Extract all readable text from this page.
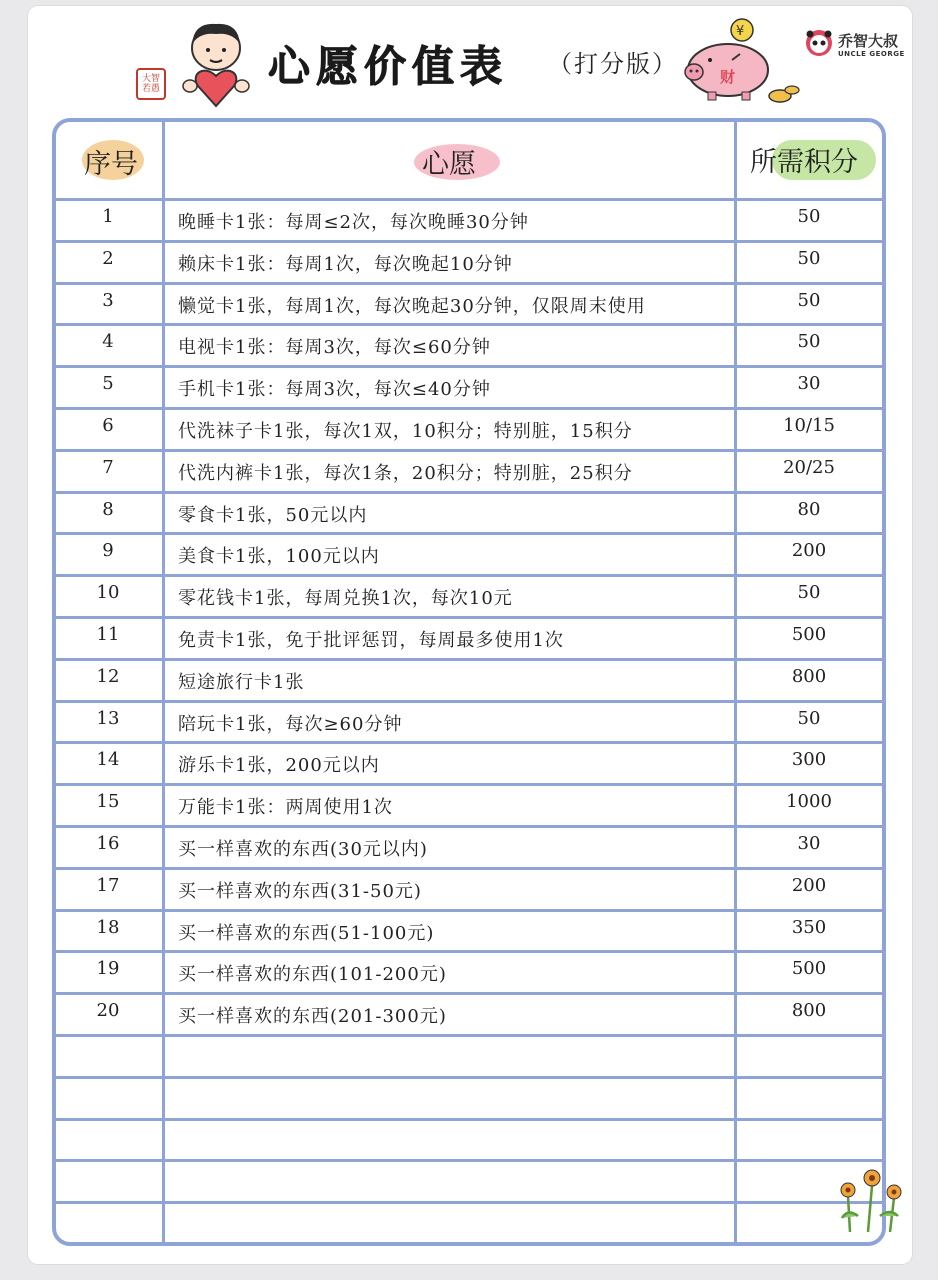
大智
若愚	心愿价值表 （打分版）
¥
财
乔智大叔
UNCLE GEORGE
序号	心愿	所需积分
1	晚睡卡1张：每周≤2次，每次晚睡30分钟	50
2	赖床卡1张：每周1次，每次晚起10分钟	50
3	懒觉卡1张，每周1次，每次晚起30分钟，仅限周末使用	50
4	电视卡1张：每周3次，每次≤60分钟	50
5	手机卡1张：每周3次，每次≤40分钟	30
6	代洗袜子卡1张，每次1双，10积分；特别脏，15积分	10/15
7	代洗内裤卡1张，每次1条，20积分；特别脏，25积分	20/25
8	零食卡1张，50元以内	80
9	美食卡1张，100元以内	200
10	零花钱卡1张，每周兑换1次，每次10元	50
11	免责卡1张，免于批评惩罚，每周最多使用1次	500
12	短途旅行卡1张	800
13	陪玩卡1张，每次≥60分钟	50
14	游乐卡1张，200元以内	300
15	万能卡1张：两周使用1次	1000
16	买一样喜欢的东西(30元以内)	30
17	买一样喜欢的东西(31-50元)	200
18	买一样喜欢的东西(51-100元)	350
19	买一样喜欢的东西(101-200元)	500
20	买一样喜欢的东西(201-300元)	800
